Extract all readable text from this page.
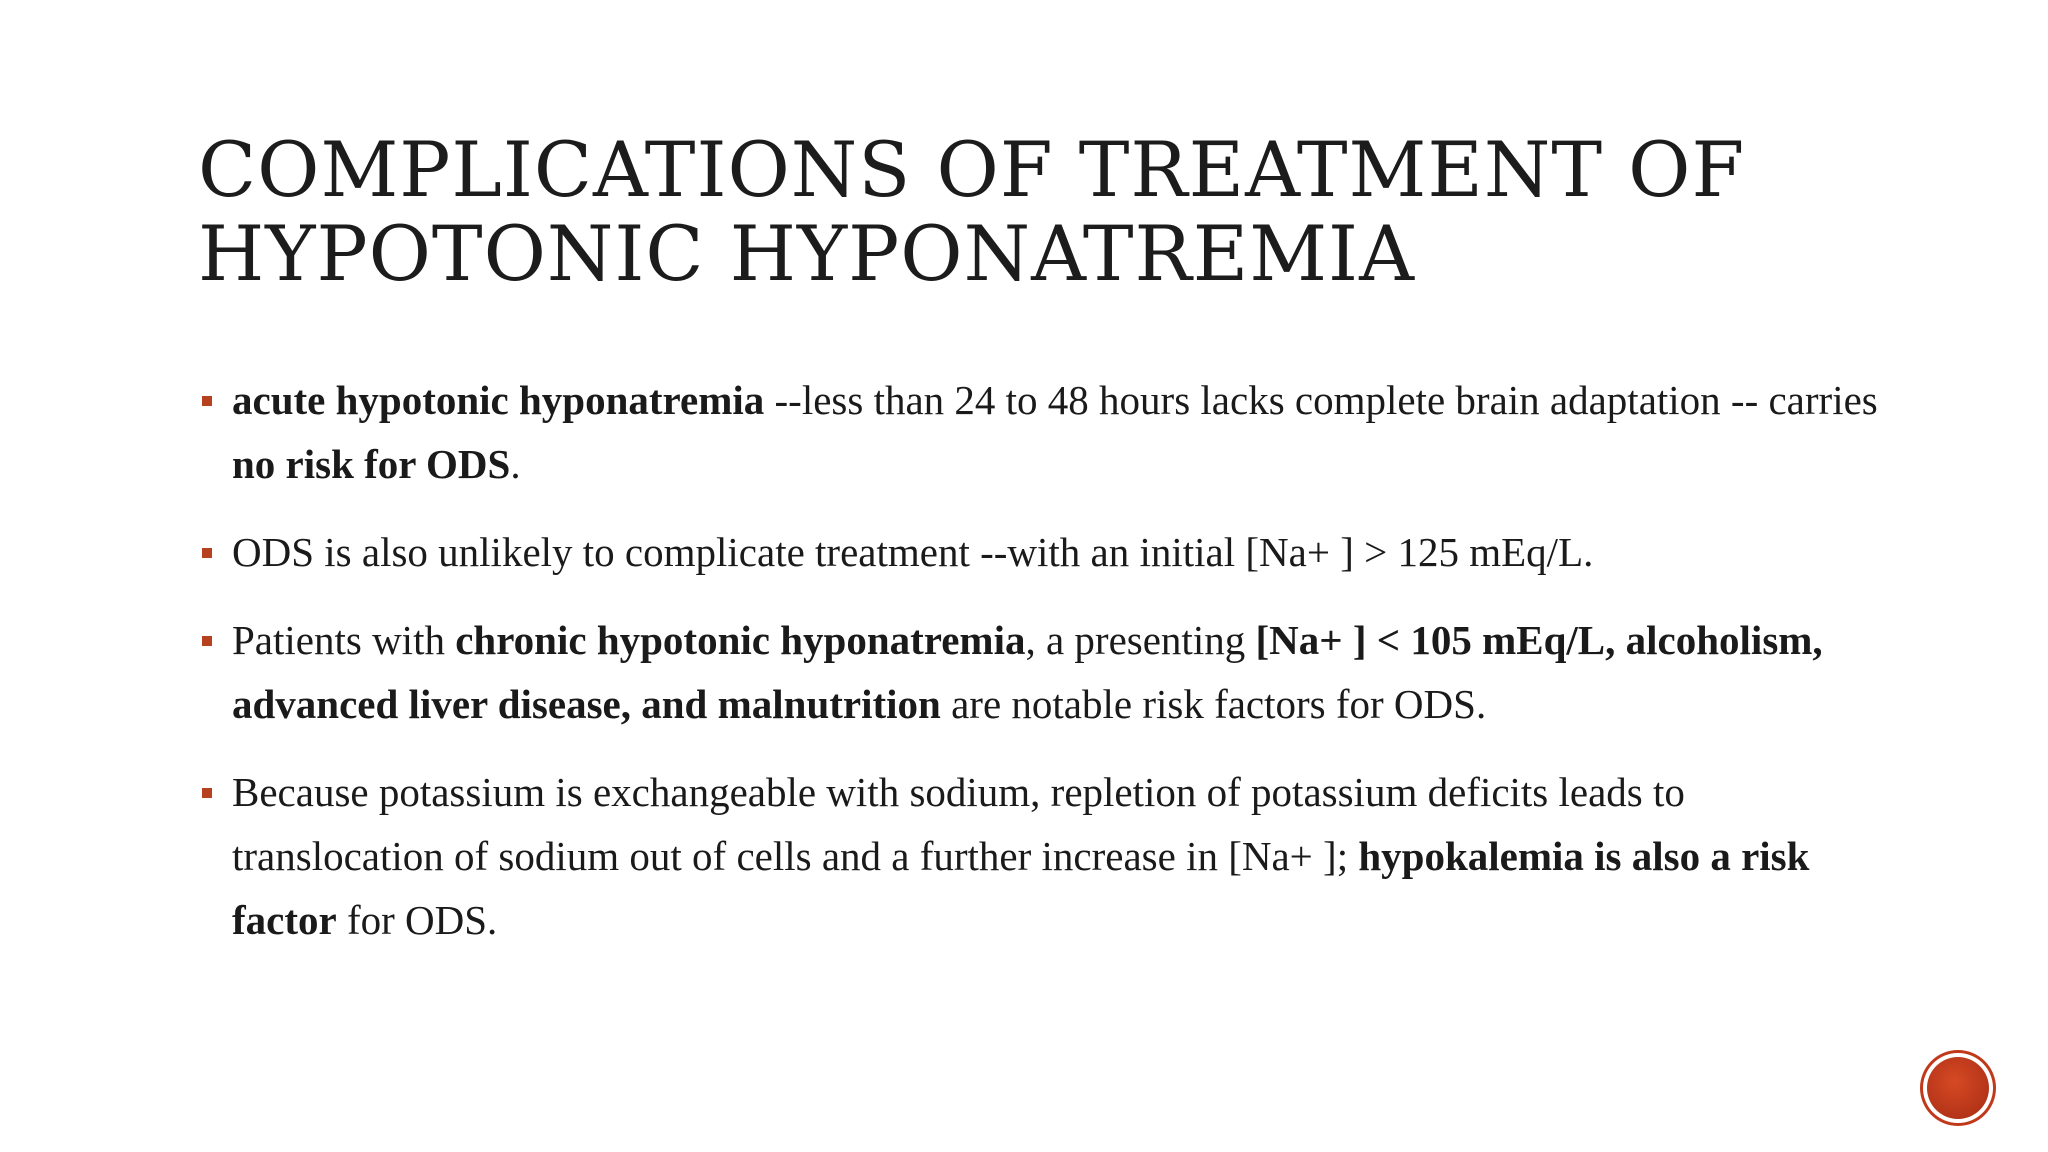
COMPLICATIONS OF TREATMENT OF
HYPOTONIC HYPONATREMIA
acute hypotonic hyponatremia --less than 24 to 48 hours lacks complete brain adaptation -- carries no risk for ODS.
ODS is also unlikely to complicate treatment --with an initial [Na+ ] > 125 mEq/L.
Patients with chronic hypotonic hyponatremia, a presenting [Na+ ] < 105 mEq/L, alcoholism, advanced liver disease, and malnutrition are notable risk factors for ODS.
Because potassium is exchangeable with sodium, repletion of potassium deficits leads to translocation of sodium out of cells and a further increase in [Na+ ]; hypokalemia is also a risk factor for ODS.
